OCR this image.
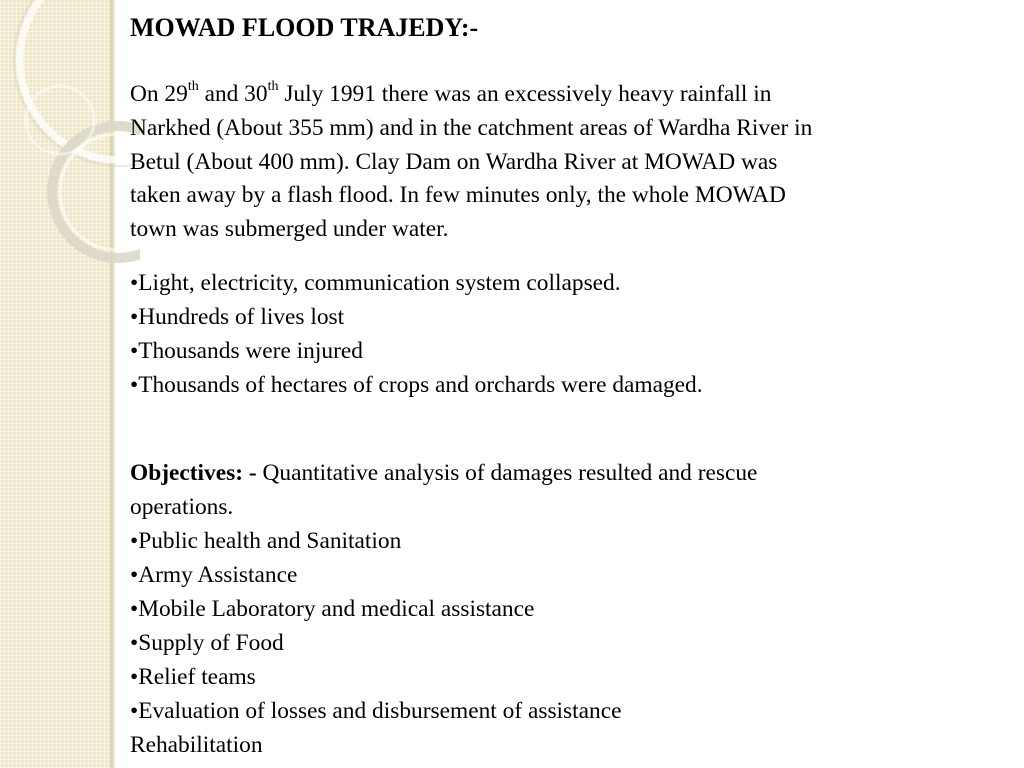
MOWAD FLOOD TRAJEDY:-

On 29th and 30th July 1991 there was an excessively heavy rainfall in
Narkhed (About 355 mm) and in the catchment areas of Wardha River in
Betul (About 400 mm). Clay Dam on Wardha River at MOWAD was
taken away by a flash flood. In few minutes only, the whole MOWAD
town was submerged under water.

•Light, electricity, communication system collapsed.
•Hundreds of lives lost
•Thousands were injured
•Thousands of hectares of crops and orchards were damaged.

Objectives: - Quantitative analysis of damages resulted and rescue
operations.

•Public health and Sanitation
•Army Assistance
•Mobile Laboratory and medical assistance
•Supply of Food
•Relief teams
•Evaluation of losses and disbursement of assistance
Rehabilitation
